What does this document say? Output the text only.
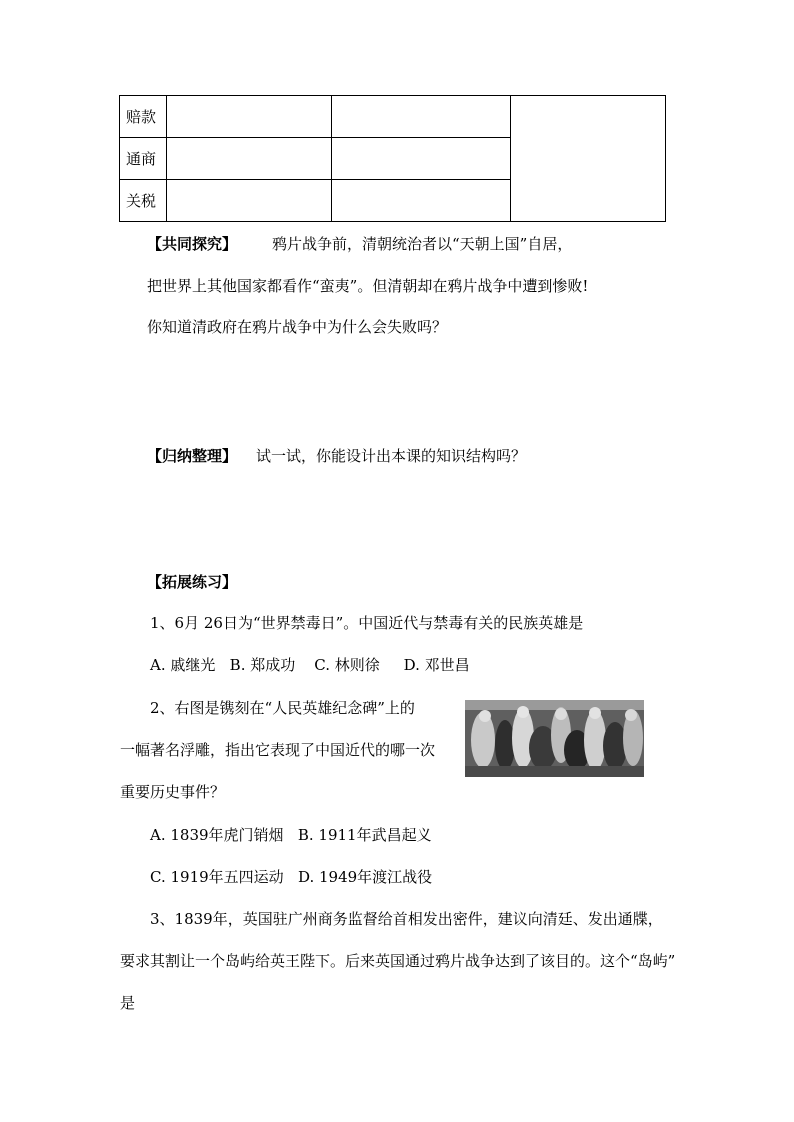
赔款			
通商			
关税			
【共同探究】 鸦片战争前，清朝统治者以“天朝上国”自居，
把世界上其他国家都看作“蛮夷”。但清朝却在鸦片战争中遭到惨败!
你知道清政府在鸦片战争中为什么会失败吗？
【归纳整理】 试一试，你能设计出本课的知识结构吗？
【拓展练习】
1、6月 26日为“世界禁毒日”。中国近代与禁毒有关的民族英雄是
A. 戚继光   B. 郑成功    C. 林则徐     D. 邓世昌
2、右图是镌刻在“人民英雄纪念碑”上的
一幅著名浮雕，指出它表现了中国近代的哪一次
重要历史事件？
A. 1839年虎门销烟   B. 1911年武昌起义
C. 1919年五四运动   D. 1949年渡江战役
3、1839年，英国驻广州商务监督给首相发出密件，建议向清廷、发出通牒，
要求其割让一个岛屿给英王陛下。后来英国通过鸦片战争达到了该目的。这个“岛屿”
是
